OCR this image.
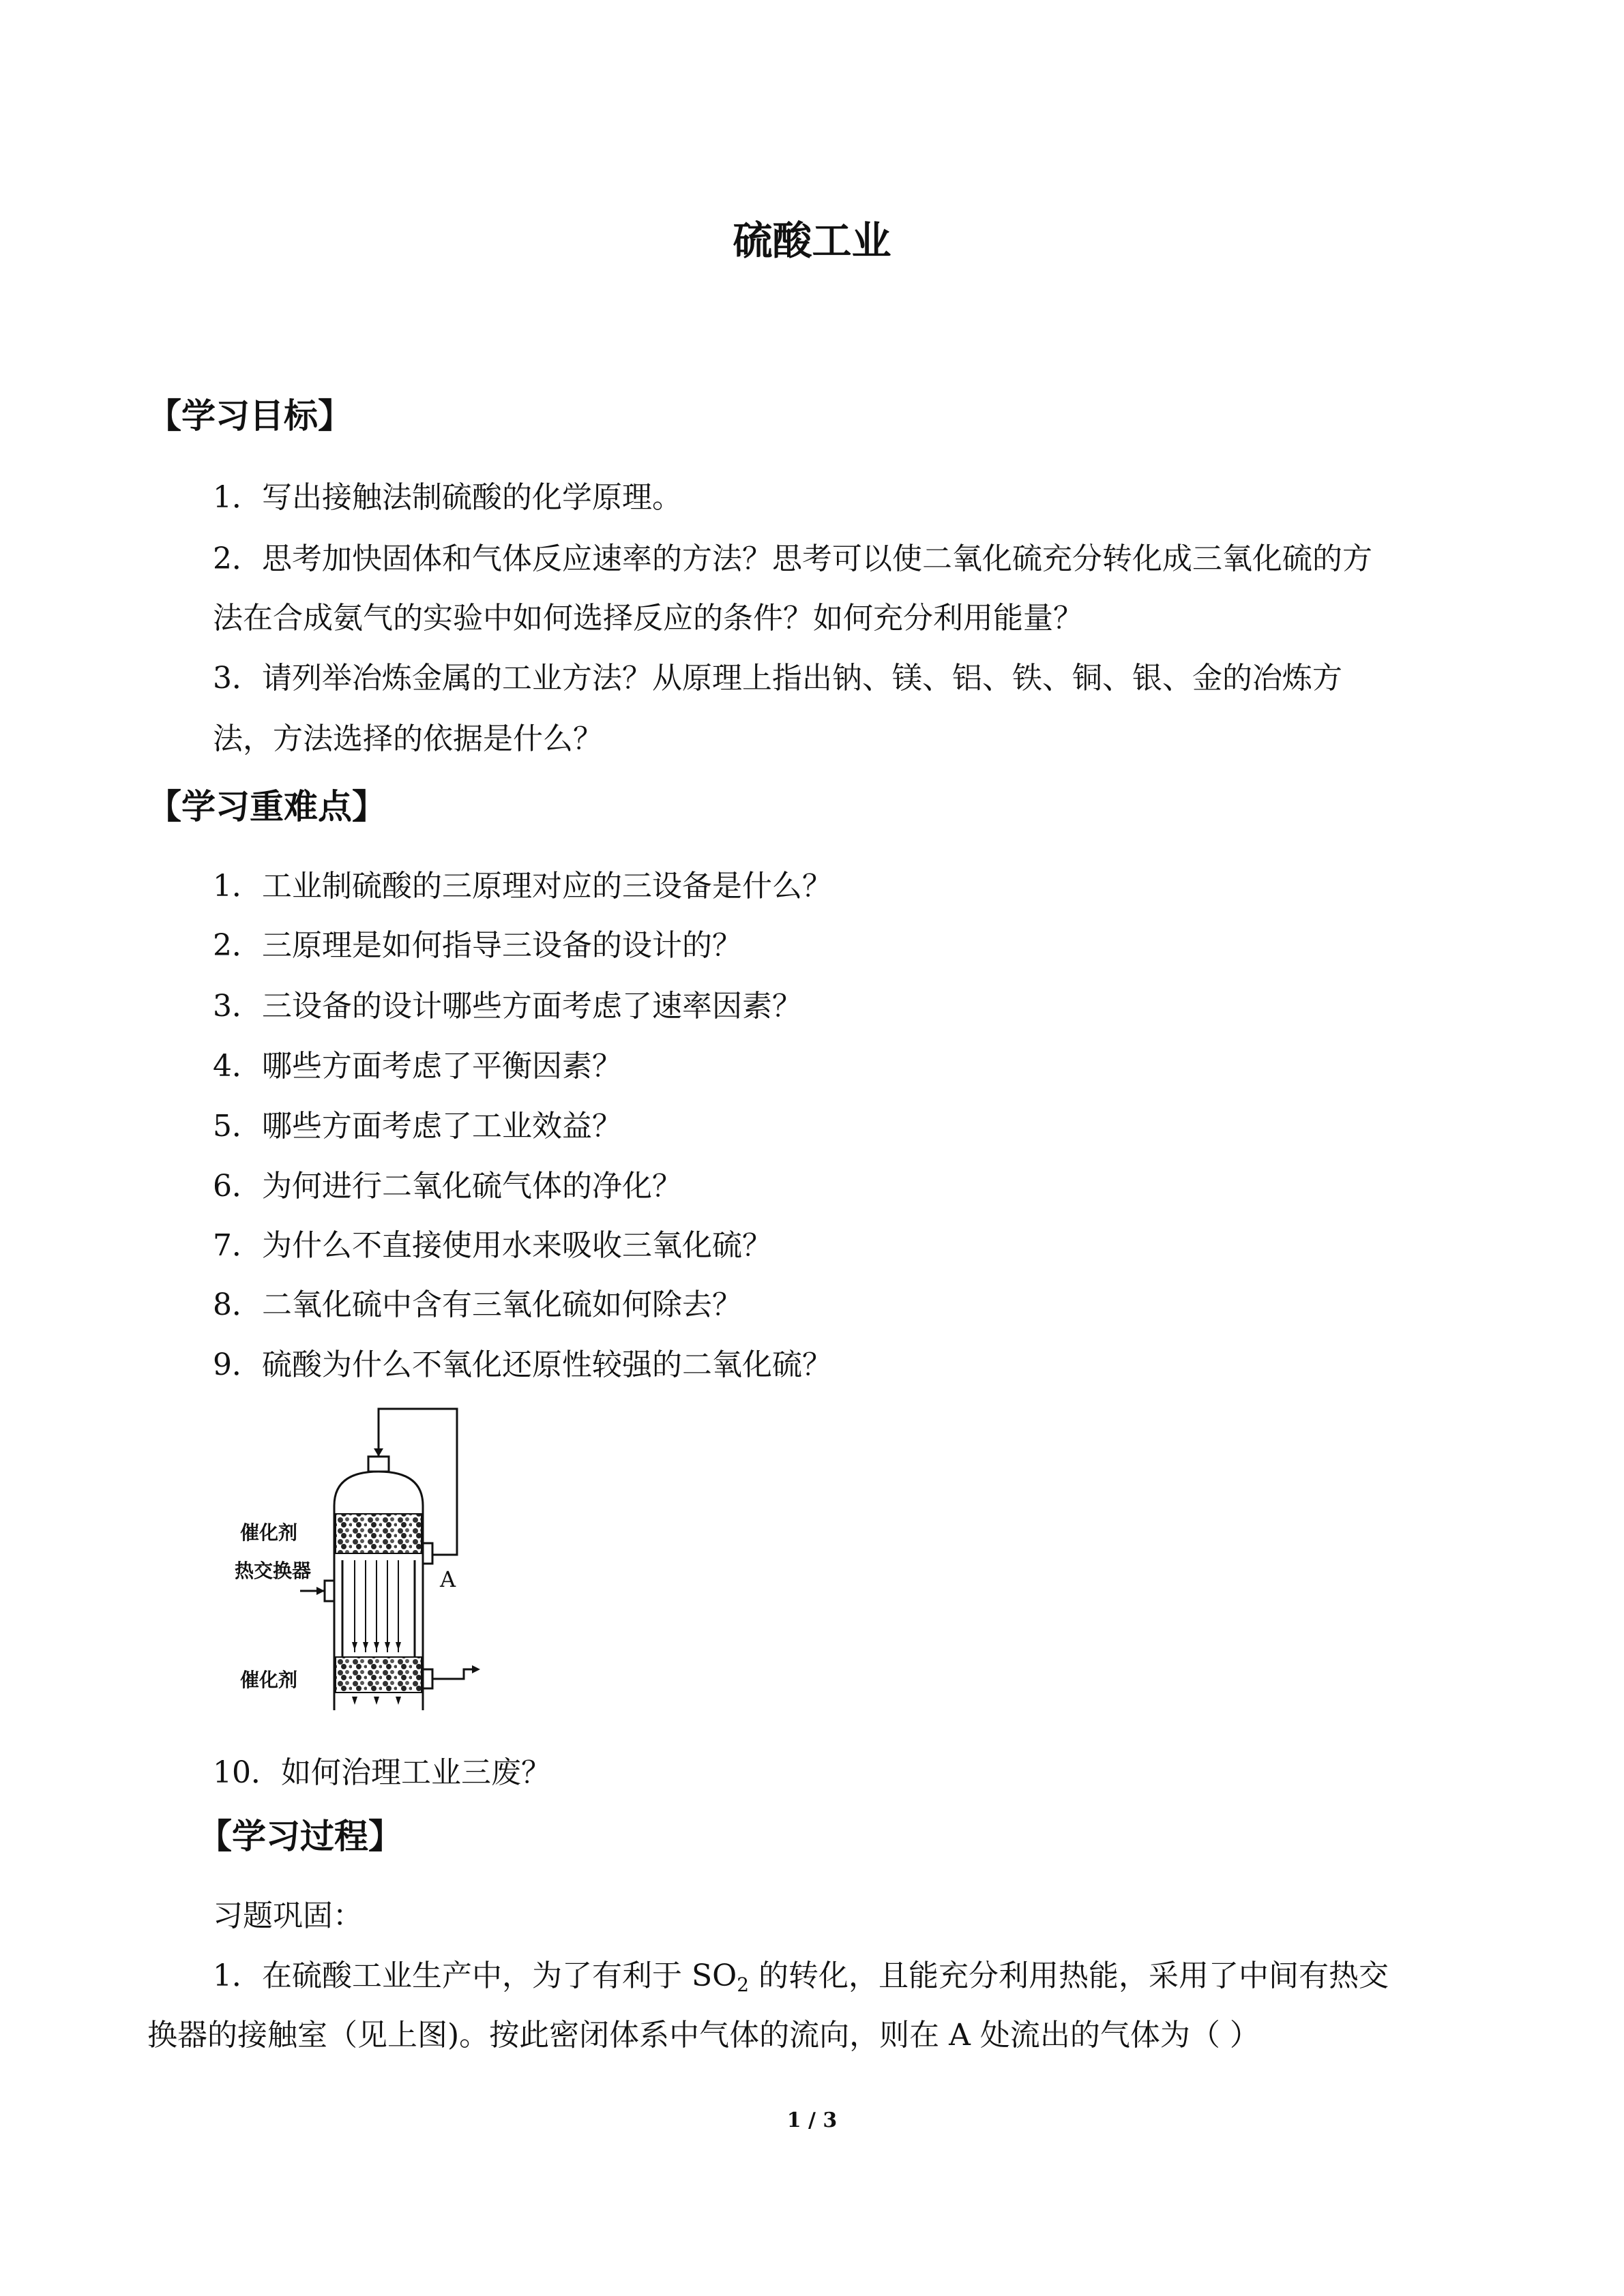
硫酸工业
【学习目标】
1．写出接触法制硫酸的化学原理。
2．思考加快固体和气体反应速率的方法？思考可以使二氧化硫充分转化成三氧化硫的方
法在合成氨气的实验中如何选择反应的条件？如何充分利用能量？
3．请列举冶炼金属的工业方法？从原理上指出钠、镁、铝、铁、铜、银、金的冶炼方
法，方法选择的依据是什么？
【学习重难点】
1．工业制硫酸的三原理对应的三设备是什么？
2．三原理是如何指导三设备的设计的？
3．三设备的设计哪些方面考虑了速率因素？
4．哪些方面考虑了平衡因素？
5．哪些方面考虑了工业效益？
6．为何进行二氧化硫气体的净化？
7．为什么不直接使用水来吸收三氧化硫？
8．二氧化硫中含有三氧化硫如何除去？
9．硫酸为什么不氧化还原性较强的二氧化硫？
催化剂
热交换器
催化剂
A
10．如何治理工业三废？
【学习过程】
习题巩固：
1．在硫酸工业生产中，为了有利于 $SO_2$ 的转化，且能充分利用热能，采用了中间有热交
换器的接触室（见上图)。按此密闭体系中气体的流向，则在 A 处流出的气体为（ ）
1 / 3
